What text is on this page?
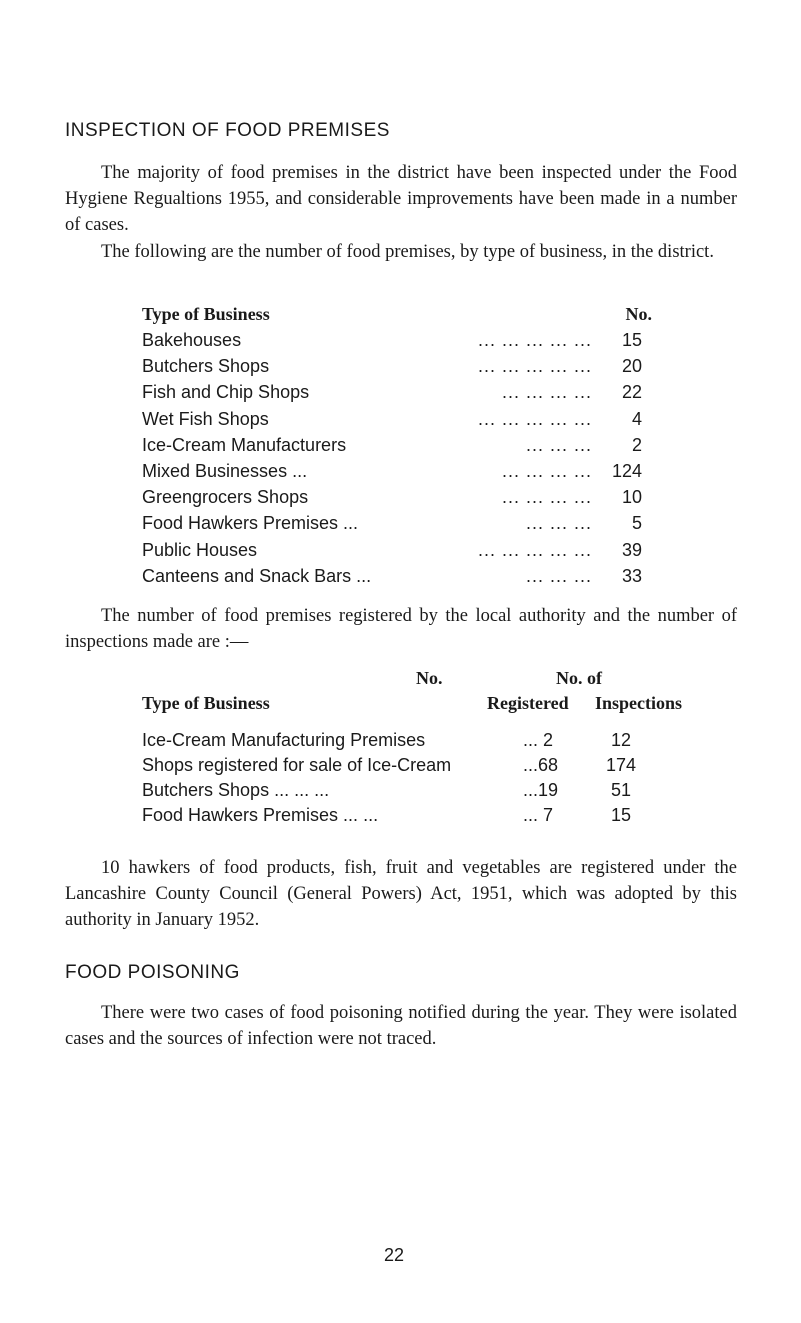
INSPECTION OF FOOD PREMISES

The majority of food premises in the district have been inspected under the Food Hygiene Regualtions 1955, and considerable improvements have been made in a number of cases.

The following are the number of food premises, by type of business, in the district.

Type of Business	No.
Bakehouses	... ... ... ... ...	15
Butchers Shops	... ... ... ... ...	20
Fish and Chip Shops	... ... ... ...	22
Wet Fish Shops	... ... ... ... ...	4
Ice-Cream Manufacturers	... ... ...	2
Mixed Businesses ...	... ... ... ...	124
Greengrocers Shops	... ... ... ...	10
Food Hawkers Premises ...	... ... ...	5
Public Houses	... ... ... ... ...	39
Canteens and Snack Bars ...	... ... ...	33

The number of food premises registered by the local authority and the number of inspections made are :—

No.	No. of
Type of Business	Registered Inspections
Ice-Cream Manufacturing Premises	... 2	12
Shops registered for sale of Ice-Cream	...68	174
Butchers Shops ... ... ...	...19	51
Food Hawkers Premises ... ...	... 7	15

10 hawkers of food products, fish, fruit and vegetables are registered under the Lancashire County Council (General Powers) Act, 1951, which was adopted by this authority in January 1952.

FOOD POISONING

There were two cases of food poisoning notified during the year. They were isolated cases and the sources of infection were not traced.

22
